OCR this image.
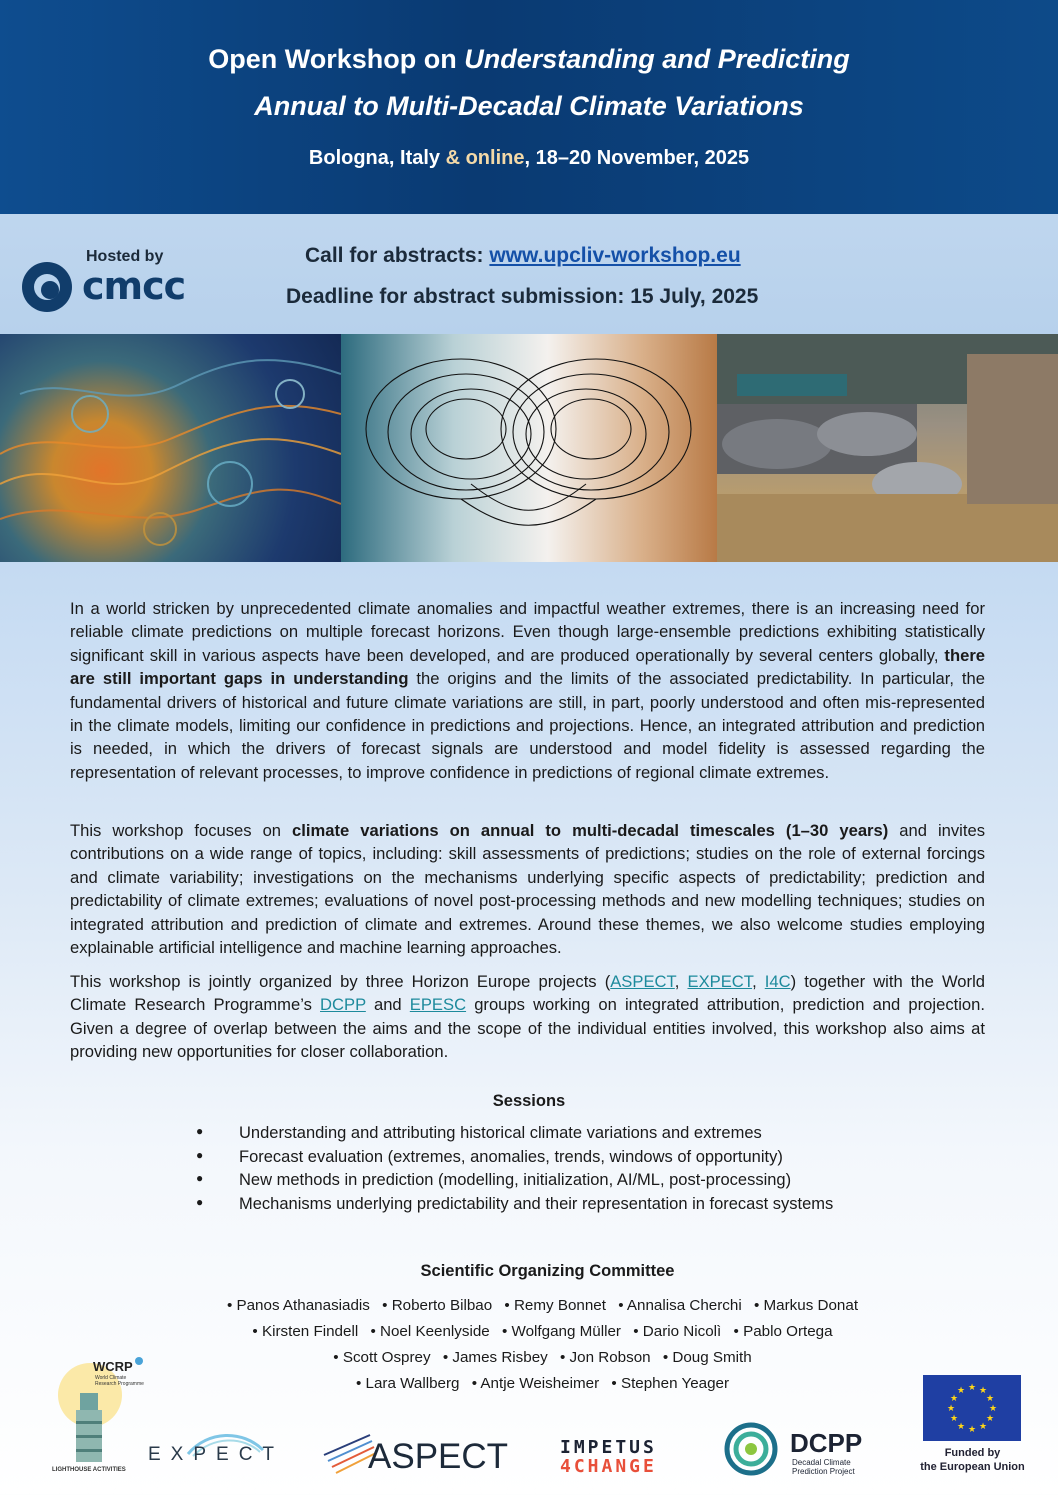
Open Workshop on Understanding and Predicting
Annual to Multi-Decadal Climate Variations
Bologna, Italy & online, 18–20 November, 2025
Hosted by
cmcc
Call for abstracts: www.upcliv-workshop.eu
Deadline for abstract submission: 15 July, 2025
In a world stricken by unprecedented climate anomalies and impactful weather extremes, there is an increasing need for reliable climate predictions on multiple forecast horizons. Even though large-ensemble predictions exhibiting statistically significant skill in various aspects have been developed, and are produced operationally by several centers globally, there are still important gaps in understanding the origins and the limits of the associated predictability. In particular, the fundamental drivers of historical and future climate variations are still, in part, poorly understood and often mis-represented in the climate models, limiting our confidence in predictions and projections. Hence, an integrated attribution and prediction is needed, in which the drivers of forecast signals are understood and model fidelity is assessed regarding the representation of relevant processes, to improve confidence in predictions of regional climate extremes.
This workshop focuses on climate variations on annual to multi-decadal timescales (1–30 years) and invites contributions on a wide range of topics, including: skill assessments of predictions; studies on the role of external forcings and climate variability; investigations on the mechanisms underlying specific aspects of predictability; prediction and predictability of climate extremes; evaluations of novel post-processing methods and new modelling techniques; studies on integrated attribution and prediction of climate and extremes. Around these themes, we also welcome studies employing explainable artificial intelligence and machine learning approaches.
This workshop is jointly organized by three Horizon Europe projects (ASPECT, EXPECT, I4C) together with the World Climate Research Programme’s DCPP and EPESC groups working on integrated attribution, prediction and projection. Given a degree of overlap between the aims and the scope of the individual entities involved, this workshop also aims at providing new opportunities for closer collaboration.
Sessions
● Understanding and attributing historical climate variations and extremes
● Forecast evaluation (extremes, anomalies, trends, windows of opportunity)
● New methods in prediction (modelling, initialization, AI/ML, post-processing)
● Mechanisms underlying predictability and their representation in forecast systems
Scientific Organizing Committee
• Panos Athanasiadis • Roberto Bilbao • Remy Bonnet • Annalisa Cherchi • Markus Donat
• Kirsten Findell • Noel Keenlyside • Wolfgang Müller • Dario Nicolì • Pablo Ortega
• Scott Osprey • James Risbey • Jon Robson • Doug Smith
• Lara Wallberg • Antje Weisheimer • Stephen Yeager
WCRP
World Climate Research Programme
LIGHTHOUSE ACTIVITIES
EXPECT ASPECT	IMPETUS
4CHANGE
DCPP
Decadal Climate
Prediction Project
★ ★
★
★
★
★
★
★
★
★
★
★
Funded by
the European Union
